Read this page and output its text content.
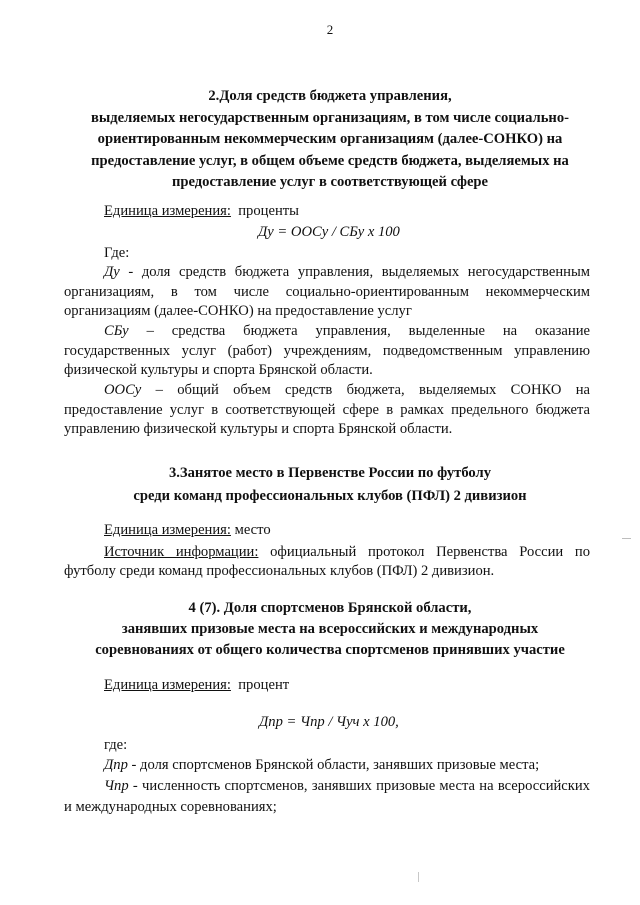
2
2.Доля средств бюджета управления,
выделяемых негосударственным организациям, в том числе социально-
ориентированным некоммерческим организациям (далее-СОНКО) на
предоставление услуг, в общем объеме средств бюджета, выделяемых на
предоставление услуг в соответствующей сфере
Единица измерения: проценты
Ду = ООСу / СБу х 100
Где:
Ду - доля средств бюджета управления, выделяемых негосударственным
организациям, в том числе социально-ориентированным некоммерческим
организациям (далее-СОНКО) на предоставление услуг
СБу – средства бюджета управления, выделенные на оказание
государственных услуг (работ) учреждениям, подведомственным управлению
физической культуры и спорта Брянской области.
ООСу – общий объем средств бюджета, выделяемых СОНКО на
предоставление услуг в соответствующей сфере в рамках предельного бюджета
управлению физической культуры и спорта Брянской области.
3.Занятое место в Первенстве России по футболу
среди команд профессиональных клубов (ПФЛ) 2 дивизион
Единица измерения: место
Источник информации: официальный протокол Первенства России по
футболу среди команд профессиональных клубов (ПФЛ) 2 дивизион.
4 (7). Доля спортсменов Брянской области,
занявших призовые места на всероссийских и международных
соревнованиях от общего количества спортсменов принявших участие
Единица измерения: процент
Дпр = Чпр / Чуч х 100,
где:
Дпр - доля спортсменов Брянской области, занявших призовые места;
Чпр - численность спортсменов, занявших призовые места на всероссийских
и международных соревнованиях;
